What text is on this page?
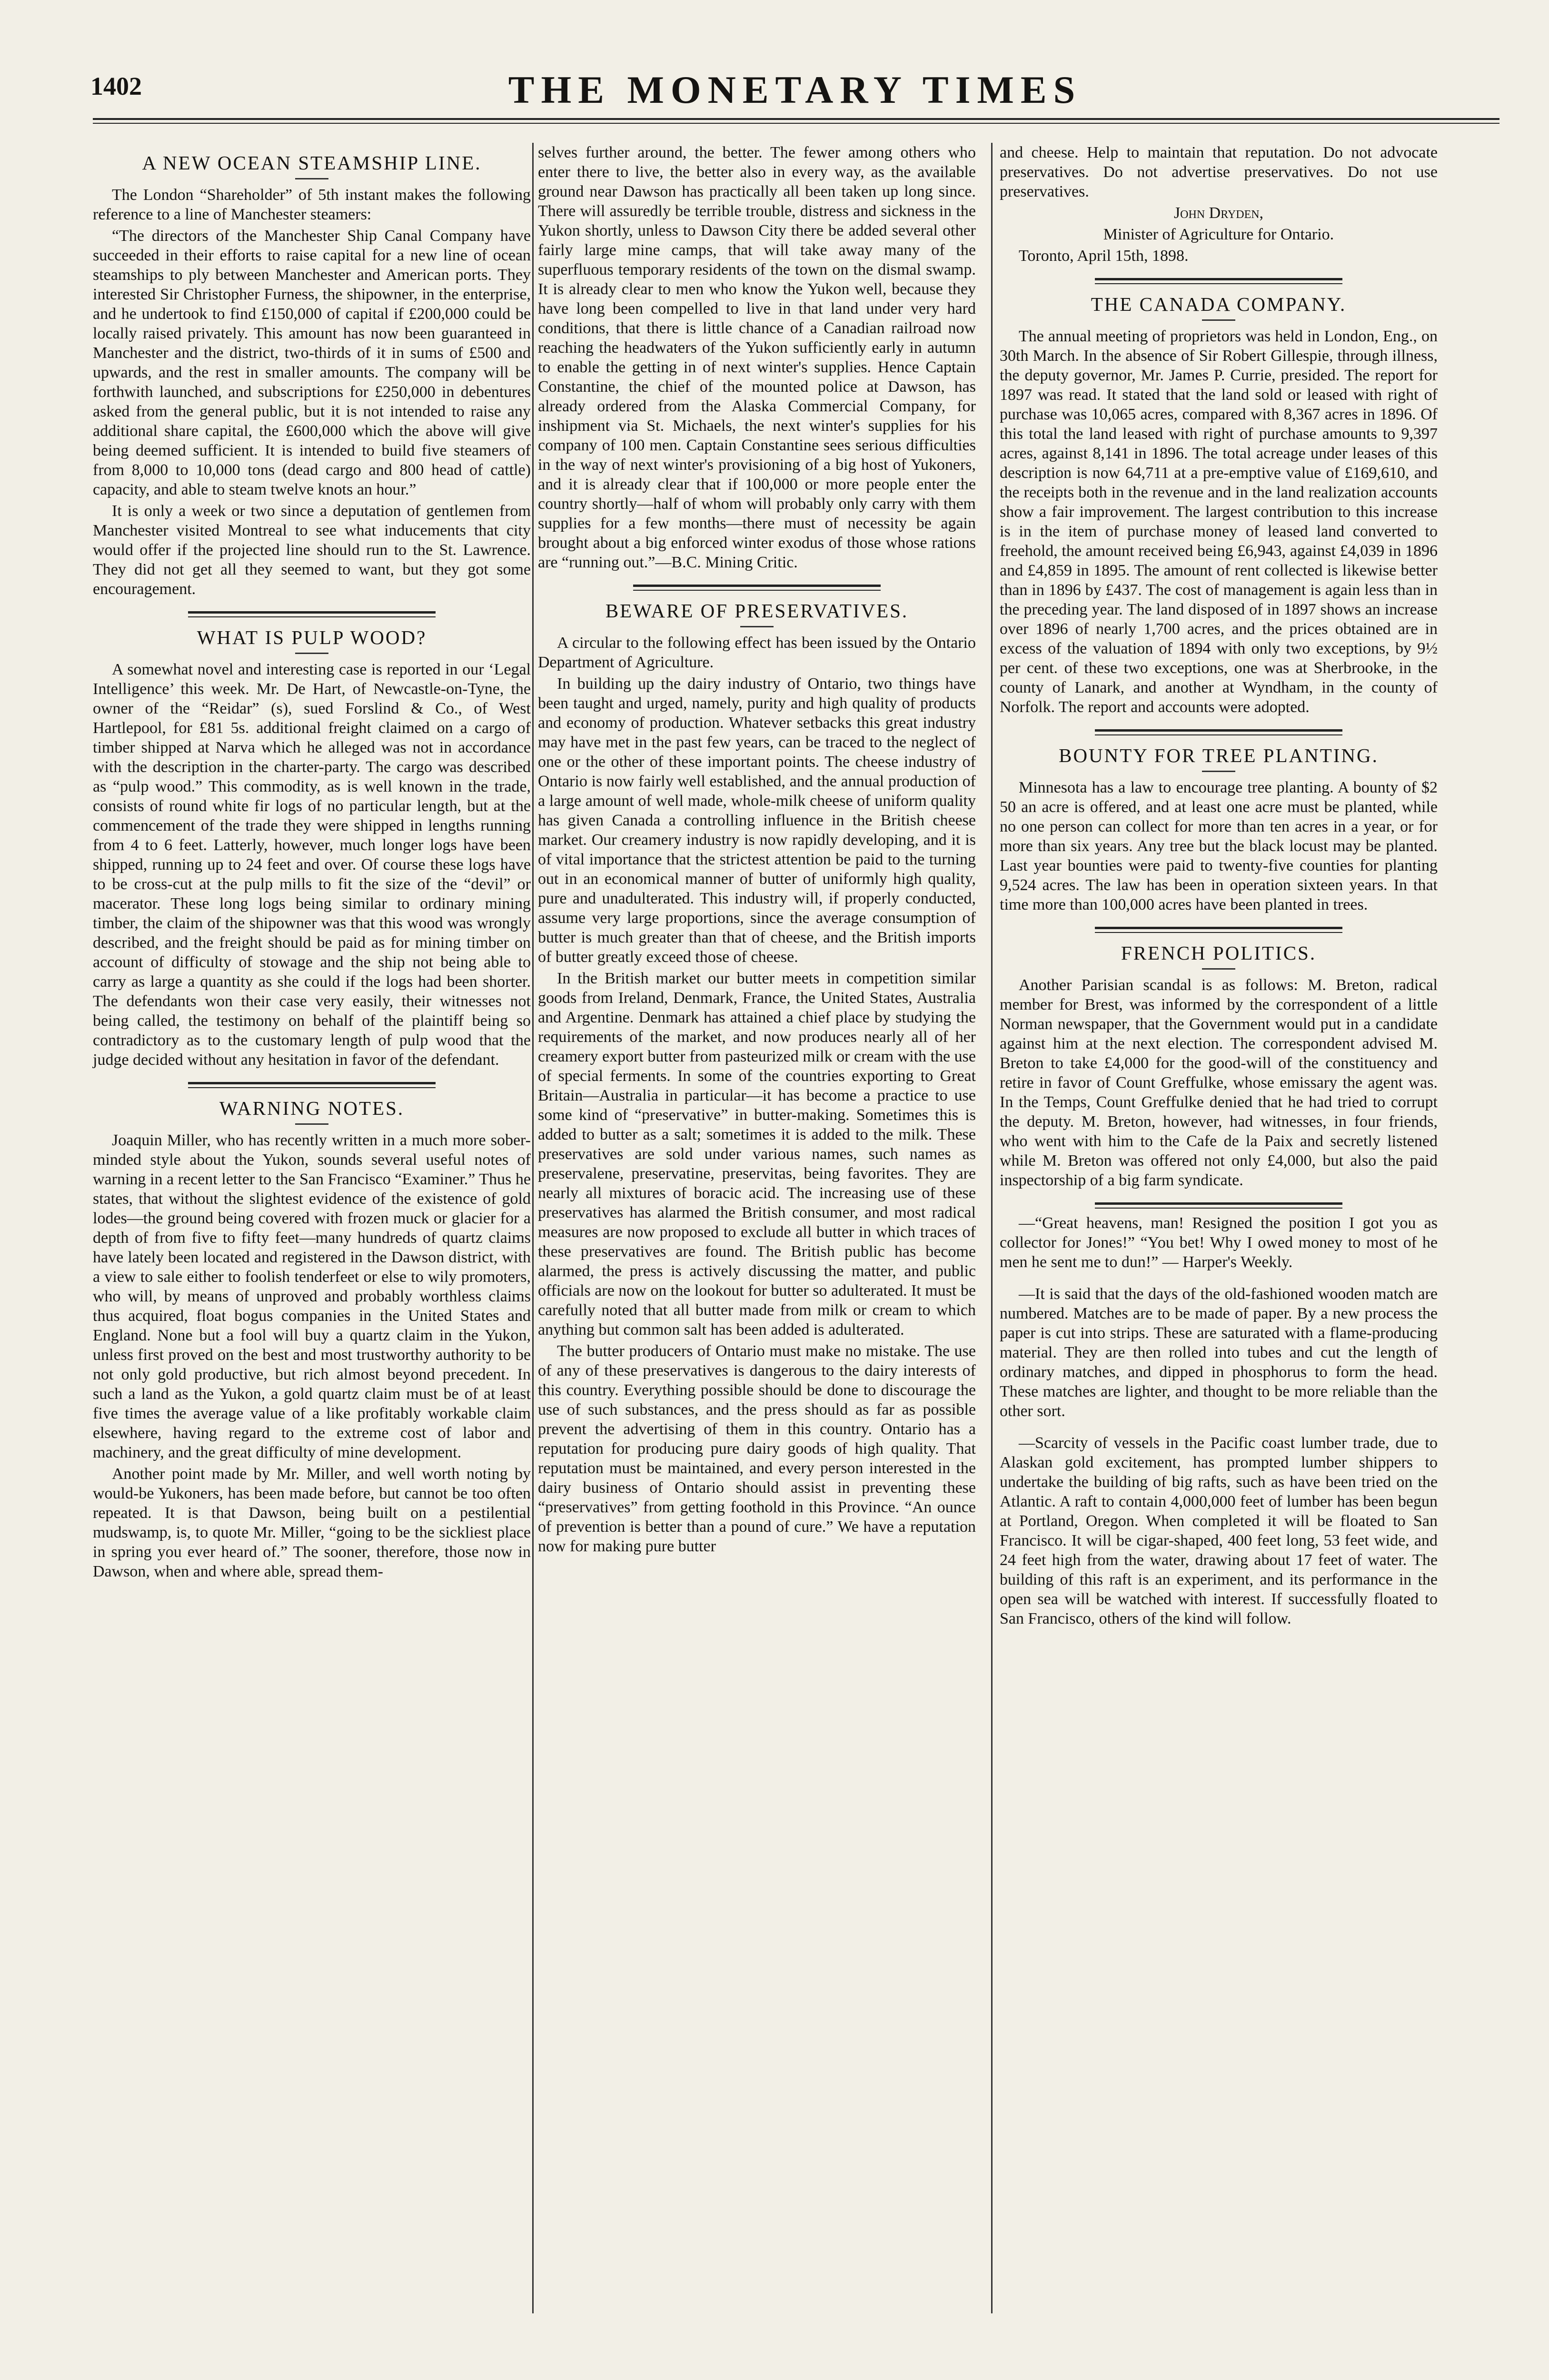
1402	THE MONETARY TIMES
A NEW OCEAN STEAMSHIP LINE.

The London “Shareholder” of 5th instant makes the following reference to a line of Manchester steamers:

“The directors of the Manchester Ship Canal Company have succeeded in their efforts to raise capital for a new line of ocean steamships to ply between Manchester and American ports. They interested Sir Christopher Furness, the shipowner, in the enterprise, and he undertook to find £150,000 of capital if £200,000 could be locally raised privately. This amount has now been guaranteed in Manchester and the district, two-thirds of it in sums of £500 and upwards, and the rest in smaller amounts. The company will be forthwith launched, and subscriptions for £250,000 in debentures asked from the general public, but it is not intended to raise any additional share capital, the £600,000 which the above will give being deemed sufficient. It is intended to build five steamers of from 8,000 to 10,000 tons (dead cargo and 800 head of cattle) capacity, and able to steam twelve knots an hour.”

It is only a week or two since a deputation of gentlemen from Manchester visited Montreal to see what inducements that city would offer if the projected line should run to the St. Lawrence. They did not get all they seemed to want, but they got some encouragement.

WHAT IS PULP WOOD?

A somewhat novel and interesting case is reported in our ‘Legal Intelligence’ this week. Mr. De Hart, of Newcastle-on-Tyne, the owner of the “Reidar” (s), sued Forslind & Co., of West Hartlepool, for £81 5s. additional freight claimed on a cargo of timber shipped at Narva which he alleged was not in accordance with the description in the charter-party. The cargo was described as “pulp wood.” This commodity, as is well known in the trade, consists of round white fir logs of no particular length, but at the commencement of the trade they were shipped in lengths running from 4 to 6 feet. Latterly, however, much longer logs have been shipped, running up to 24 feet and over. Of course these logs have to be cross-cut at the pulp mills to fit the size of the “devil” or macerator. These long logs being similar to ordinary mining timber, the claim of the shipowner was that this wood was wrongly described, and the freight should be paid as for mining timber on account of difficulty of stowage and the ship not being able to carry as large a quantity as she could if the logs had been shorter. The defendants won their case very easily, their witnesses not being called, the testimony on behalf of the plaintiff being so contradictory as to the customary length of pulp wood that the judge decided without any hesitation in favor of the defendant.

WARNING NOTES.

Joaquin Miller, who has recently written in a much more sober-minded style about the Yukon, sounds several useful notes of warning in a recent letter to the San Francisco “Examiner.” Thus he states, that without the slightest evidence of the existence of gold lodes—the ground being covered with frozen muck or glacier for a depth of from five to fifty feet—many hundreds of quartz claims have lately been located and registered in the Dawson district, with a view to sale either to foolish tenderfeet or else to wily promoters, who will, by means of unproved and probably worthless claims thus acquired, float bogus companies in the United States and England. None but a fool will buy a quartz claim in the Yukon, unless first proved on the best and most trustworthy authority to be not only gold productive, but rich almost beyond precedent. In such a land as the Yukon, a gold quartz claim must be of at least five times the average value of a like profitably workable claim elsewhere, having regard to the extreme cost of labor and machinery, and the great difficulty of mine development.

Another point made by Mr. Miller, and well worth noting by would-be Yukoners, has been made before, but cannot be too often repeated. It is that Dawson, being built on a pestilential mudswamp, is, to quote Mr. Miller, “going to be the sickliest place in spring you ever heard of.” The sooner, therefore, those now in Dawson, when and where able, spread them-

selves further around, the better. The fewer among others who enter there to live, the better also in every way, as the available ground near Dawson has practically all been taken up long since. There will assuredly be terrible trouble, distress and sickness in the Yukon shortly, unless to Dawson City there be added several other fairly large mine camps, that will take away many of the superfluous temporary residents of the town on the dismal swamp. It is already clear to men who know the Yukon well, because they have long been compelled to live in that land under very hard conditions, that there is little chance of a Canadian railroad now reaching the headwaters of the Yukon sufficiently early in autumn to enable the getting in of next winter's supplies. Hence Captain Constantine, the chief of the mounted police at Dawson, has already ordered from the Alaska Commercial Company, for inshipment via St. Michaels, the next winter's supplies for his company of 100 men. Captain Constantine sees serious difficulties in the way of next winter's provisioning of a big host of Yukoners, and it is already clear that if 100,000 or more people enter the country shortly—half of whom will probably only carry with them supplies for a few months—there must of necessity be again brought about a big enforced winter exodus of those whose rations are “running out.”—B.C. Mining Critic.

BEWARE OF PRESERVATIVES.

A circular to the following effect has been issued by the Ontario Department of Agriculture.

In building up the dairy industry of Ontario, two things have been taught and urged, namely, purity and high quality of products and economy of production. Whatever setbacks this great industry may have met in the past few years, can be traced to the neglect of one or the other of these important points. The cheese industry of Ontario is now fairly well established, and the annual production of a large amount of well made, whole-milk cheese of uniform quality has given Canada a controlling influence in the British cheese market. Our creamery industry is now rapidly developing, and it is of vital importance that the strictest attention be paid to the turning out in an economical manner of butter of uniformly high quality, pure and unadulterated. This industry will, if properly conducted, assume very large proportions, since the average consumption of butter is much greater than that of cheese, and the British imports of butter greatly exceed those of cheese.

In the British market our butter meets in competition similar goods from Ireland, Denmark, France, the United States, Australia and Argentine. Denmark has attained a chief place by studying the requirements of the market, and now produces nearly all of her creamery export butter from pasteurized milk or cream with the use of special ferments. In some of the countries exporting to Great Britain—Australia in particular—it has become a practice to use some kind of “preservative” in butter-making. Sometimes this is added to butter as a salt; sometimes it is added to the milk. These preservatives are sold under various names, such names as preservalene, preservatine, preservitas, being favorites. They are nearly all mixtures of boracic acid. The increasing use of these preservatives has alarmed the British consumer, and most radical measures are now proposed to exclude all butter in which traces of these preservatives are found. The British public has become alarmed, the press is actively discussing the matter, and public officials are now on the lookout for butter so adulterated. It must be carefully noted that all butter made from milk or cream to which anything but common salt has been added is adulterated.

The butter producers of Ontario must make no mistake. The use of any of these preservatives is dangerous to the dairy interests of this country. Everything possible should be done to discourage the use of such substances, and the press should as far as possible prevent the advertising of them in this country. Ontario has a reputation for producing pure dairy goods of high quality. That reputation must be maintained, and every person interested in the dairy business of Ontario should assist in preventing these “preservatives” from getting foothold in this Province. “An ounce of prevention is better than a pound of cure.” We have a reputation now for making pure butter

and cheese. Help to maintain that reputation. Do not advocate preservatives. Do not advertise preservatives. Do not use preservatives.

John Dryden,

Minister of Agriculture for Ontario.

Toronto, April 15th, 1898.

THE CANADA COMPANY.

The annual meeting of proprietors was held in London, Eng., on 30th March. In the absence of Sir Robert Gillespie, through illness, the deputy governor, Mr. James P. Currie, presided. The report for 1897 was read. It stated that the land sold or leased with right of purchase was 10,065 acres, compared with 8,367 acres in 1896. Of this total the land leased with right of purchase amounts to 9,397 acres, against 8,141 in 1896. The total acreage under leases of this description is now 64,711 at a pre-emptive value of £169,610, and the receipts both in the revenue and in the land realization accounts show a fair improvement. The largest contribution to this increase is in the item of purchase money of leased land converted to freehold, the amount received being £6,943, against £4,039 in 1896 and £4,859 in 1895. The amount of rent collected is likewise better than in 1896 by £437. The cost of management is again less than in the preceding year. The land disposed of in 1897 shows an increase over 1896 of nearly 1,700 acres, and the prices obtained are in excess of the valuation of 1894 with only two exceptions, by 9½ per cent. of these two exceptions, one was at Sherbrooke, in the county of Lanark, and another at Wyndham, in the county of Norfolk. The report and accounts were adopted.

BOUNTY FOR TREE PLANTING.

Minnesota has a law to encourage tree planting. A bounty of $2 50 an acre is offered, and at least one acre must be planted, while no one person can collect for more than ten acres in a year, or for more than six years. Any tree but the black locust may be planted. Last year bounties were paid to twenty-five counties for planting 9,524 acres. The law has been in operation sixteen years. In that time more than 100,000 acres have been planted in trees.

FRENCH POLITICS.

Another Parisian scandal is as follows: M. Breton, radical member for Brest, was informed by the correspondent of a little Norman newspaper, that the Government would put in a candidate against him at the next election. The correspondent advised M. Breton to take £4,000 for the good-will of the constituency and retire in favor of Count Greffulke, whose emissary the agent was. In the Temps, Count Greffulke denied that he had tried to corrupt the deputy. M. Breton, however, had witnesses, in four friends, who went with him to the Cafe de la Paix and secretly listened while M. Breton was offered not only £4,000, but also the paid inspectorship of a big farm syndicate.

—“Great heavens, man! Resigned the position I got you as collector for Jones!” “You bet! Why I owed money to most of he men he sent me to dun!” — Harper's Weekly.

—It is said that the days of the old-fashioned wooden match are numbered. Matches are to be made of paper. By a new process the paper is cut into strips. These are saturated with a flame-producing material. They are then rolled into tubes and cut the length of ordinary matches, and dipped in phosphorus to form the head. These matches are lighter, and thought to be more reliable than the other sort.

—Scarcity of vessels in the Pacific coast lumber trade, due to Alaskan gold excitement, has prompted lumber shippers to undertake the building of big rafts, such as have been tried on the Atlantic. A raft to contain 4,000,000 feet of lumber has been begun at Portland, Oregon. When completed it will be floated to San Francisco. It will be cigar-shaped, 400 feet long, 53 feet wide, and 24 feet high from the water, drawing about 17 feet of water. The building of this raft is an experiment, and its performance in the open sea will be watched with interest. If successfully floated to San Francisco, others of the kind will follow.
